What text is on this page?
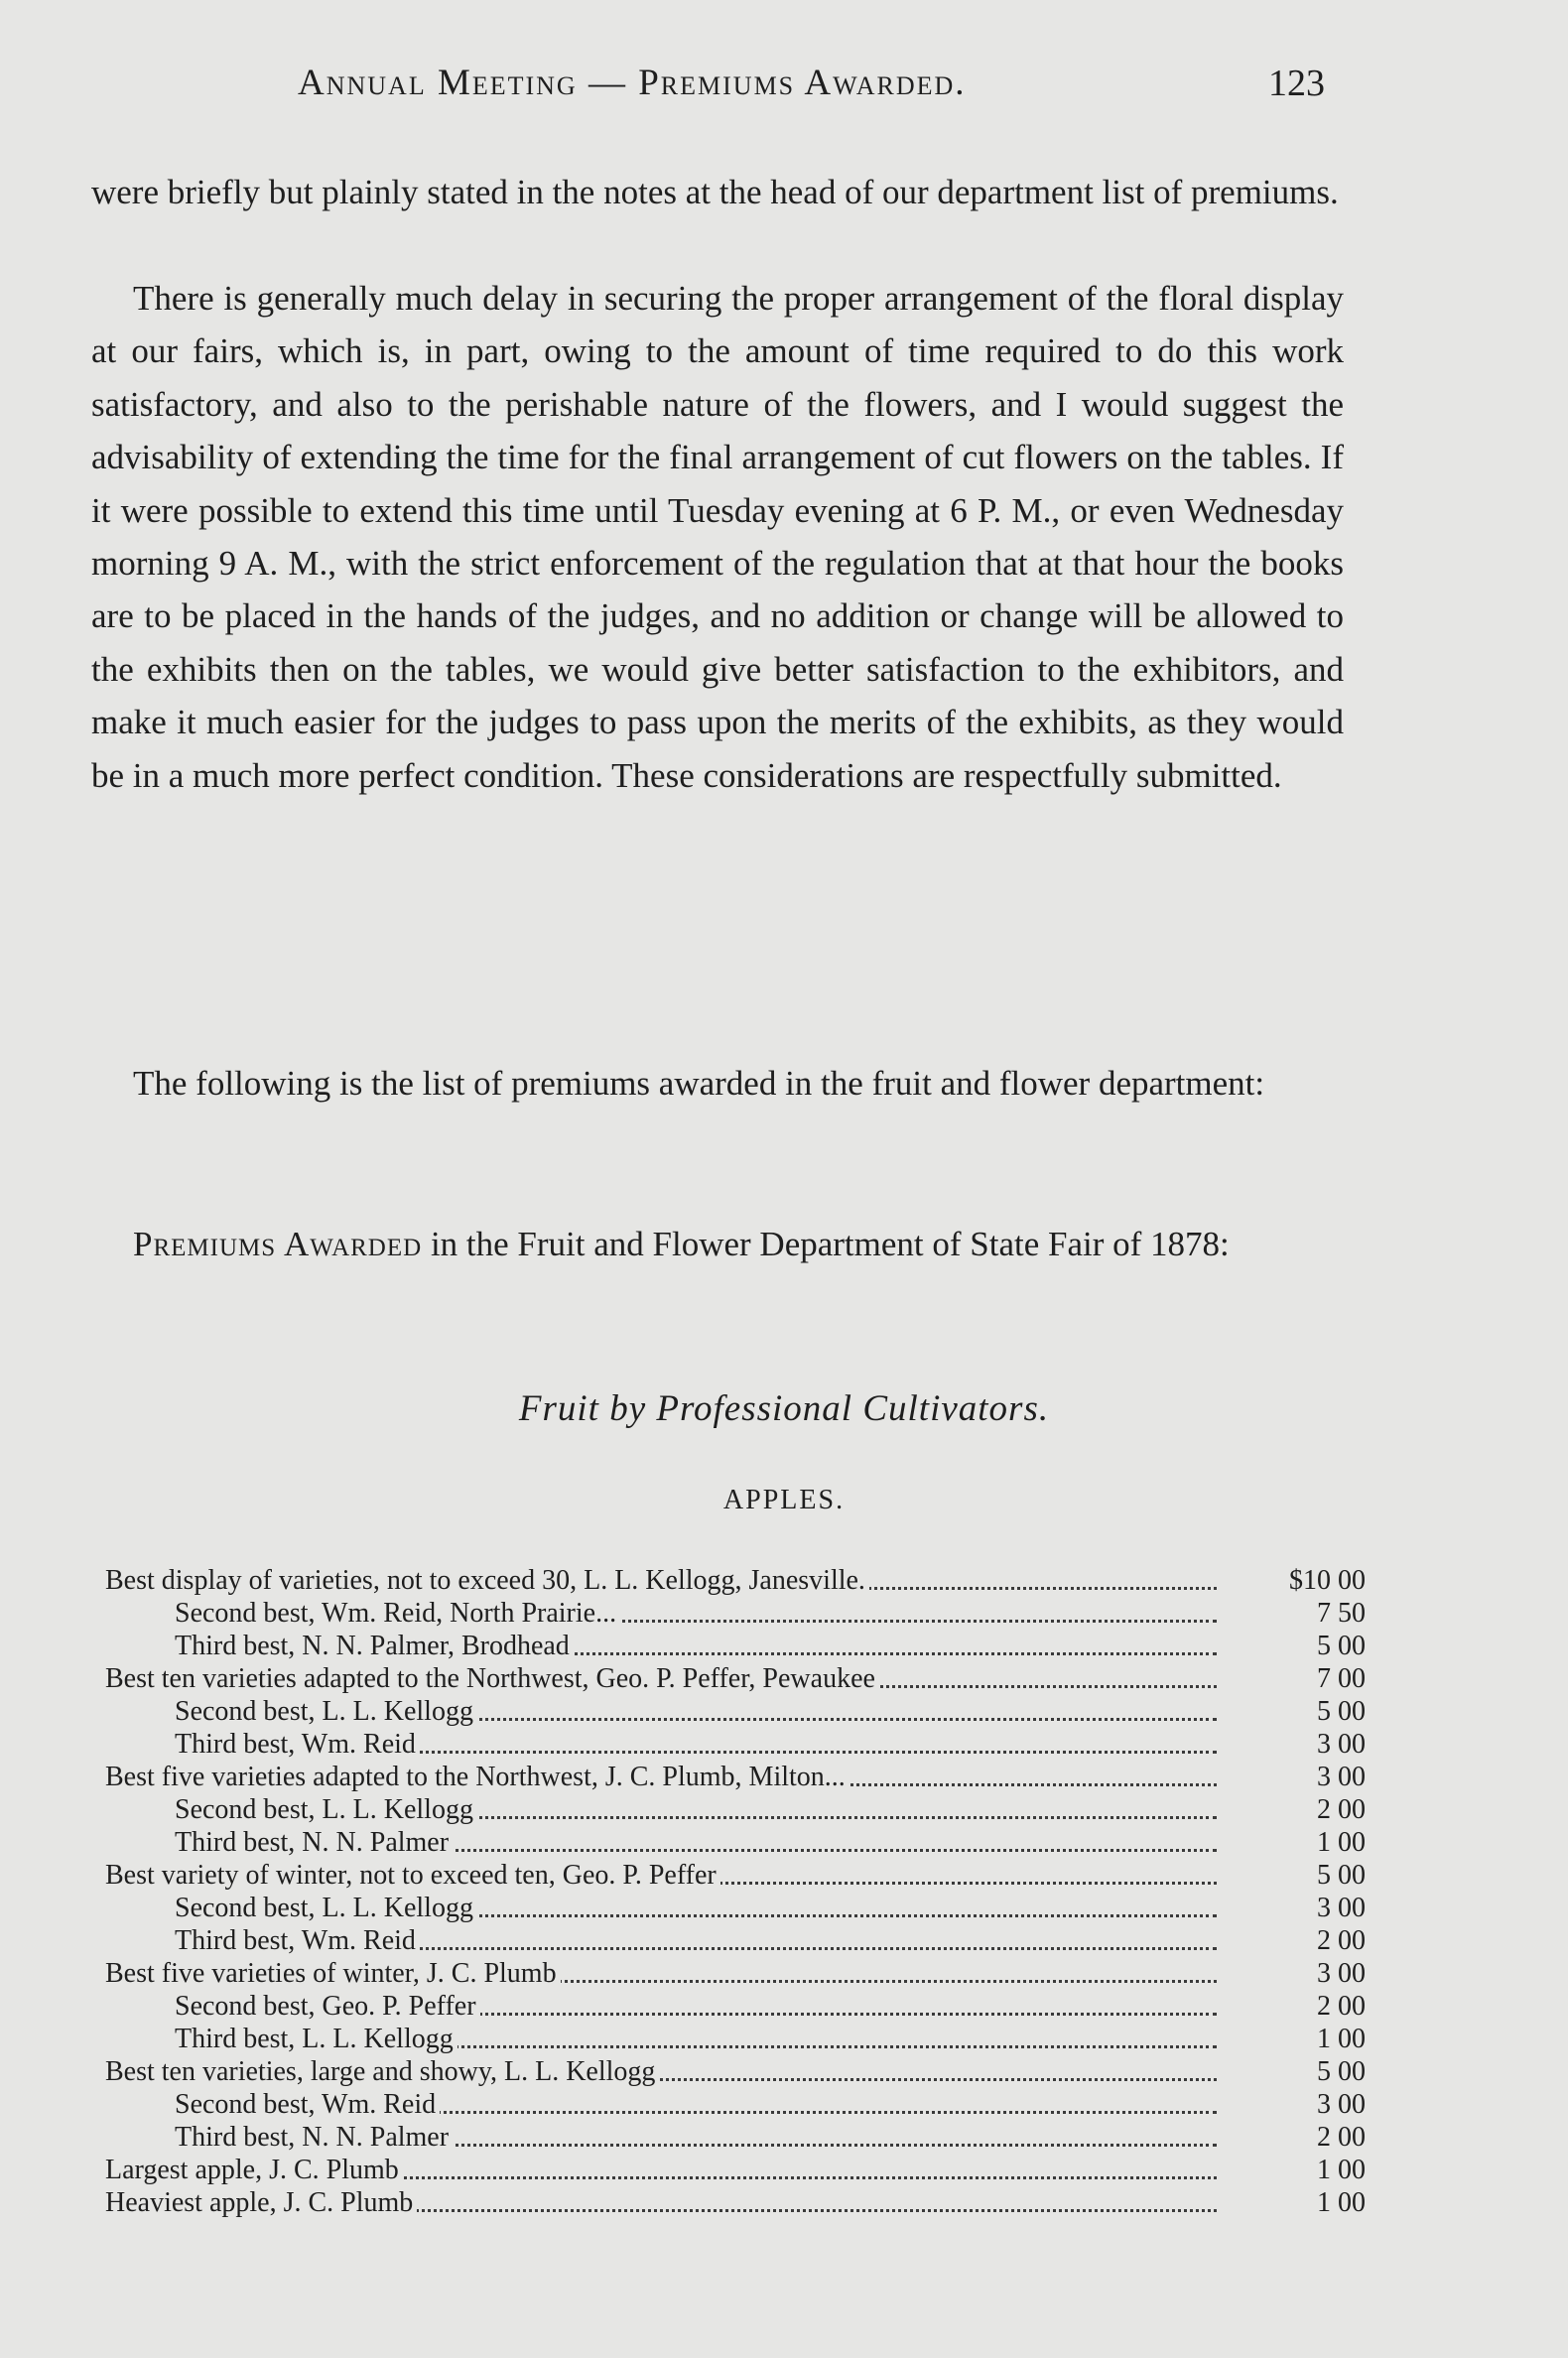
Annual Meeting — Premiums Awarded.	123

were briefly but plainly stated in the notes at the head of our department list of premiums.

There is generally much delay in securing the proper arrangement of the floral display at our fairs, which is, in part, owing to the amount of time required to do this work satisfactory, and also to the perishable nature of the flowers, and I would suggest the advisability of extending the time for the final arrangement of cut flowers on the tables. If it were possible to extend this time until Tuesday evening at 6 P. M., or even Wednesday morning 9 A. M., with the strict enforcement of the regulation that at that hour the books are to be placed in the hands of the judges, and no addition or change will be allowed to the exhibits then on the tables, we would give better satisfaction to the exhibitors, and make it much easier for the judges to pass upon the merits of the exhibits, as they would be in a much more perfect condition. These considerations are respectfully submitted.

The following is the list of premiums awarded in the fruit and flower department:

Premiums Awarded in the Fruit and Flower Department of State Fair of 1878:

Fruit by Professional Cultivators.
APPLES.
Best display of varieties, not to exceed 30, L. L. Kellogg, Janesville.	$10 00
Second best, Wm. Reid, North Prairie...	7 50
Third best, N. N. Palmer, Brodhead	5 00
Best ten varieties adapted to the Northwest, Geo. P. Peffer, Pewaukee	7 00
Second best, L. L. Kellogg	5 00
Third best, Wm. Reid	3 00
Best five varieties adapted to the Northwest, J. C. Plumb, Milton...	3 00
Second best, L. L. Kellogg	2 00
Third best, N. N. Palmer	1 00
Best variety of winter, not to exceed ten, Geo. P. Peffer	5 00
Second best, L. L. Kellogg	3 00
Third best, Wm. Reid	2 00
Best five varieties of winter, J. C. Plumb	3 00
Second best, Geo. P. Peffer	2 00
Third best, L. L. Kellogg	1 00
Best ten varieties, large and showy, L. L. Kellogg	5 00
Second best, Wm. Reid	3 00
Third best, N. N. Palmer	2 00
Largest apple, J. C. Plumb	1 00
Heaviest apple, J. C. Plumb	1 00
